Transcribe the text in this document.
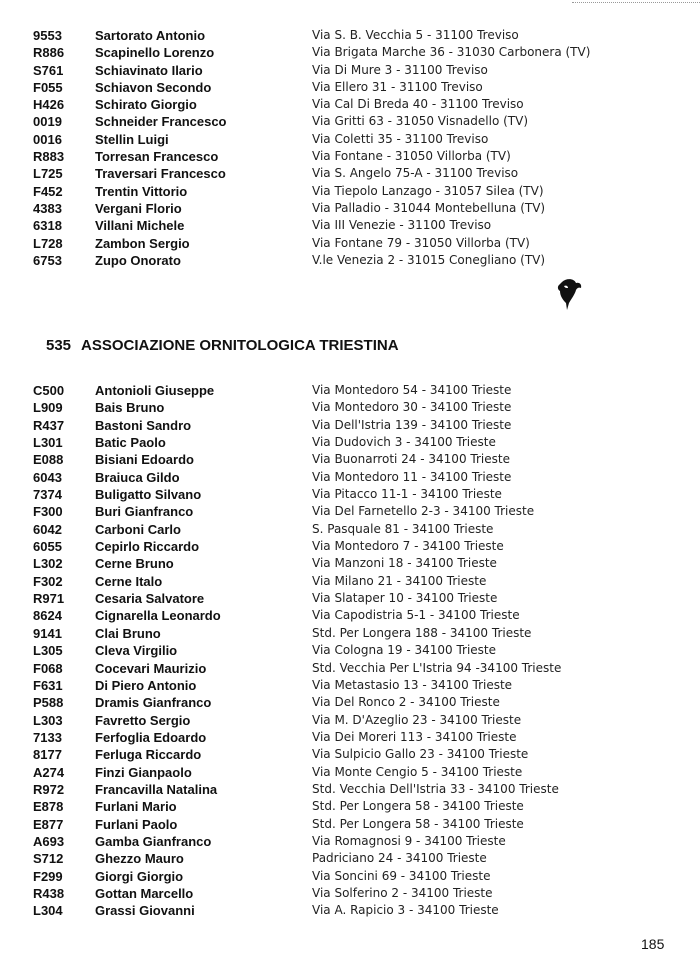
9553	Sartorato Antonio	Via S. B. Vecchia 5 - 31100 Treviso
R886 Scapinello Lorenzo	Via Brigata Marche 36 - 31030 Carbonera (TV)
S761 Schiavinato Ilario	Via Di Mure 3 - 31100 Treviso
F055 Schiavon Secondo	Via Ellero 31 - 31100 Treviso
H426 Schirato Giorgio	Via Cal Di Breda 40 - 31100 Treviso
0019	Schneider Francesco	Via Gritti 63 - 31050 Visnadello (TV)
0016	Stellin Luigi	Via Coletti 35 - 31100 Treviso
R883 Torresan Francesco	Via Fontane - 31050 Villorba (TV)
L725 Traversari Francesco	Via S. Angelo 75-A - 31100 Treviso
F452 Trentin Vittorio	Via Tiepolo Lanzago - 31057 Silea (TV)
4383	Vergani Florio	Via Palladio - 31044 Montebelluna (TV)
6318	Villani Michele	Via III Venezie - 31100 Treviso
L728 Zambon Sergio	Via Fontane 79 - 31050 Villorba (TV)
6753	Zupo Onorato	V.le Venezia 2 - 31015 Conegliano (TV)
535 ASSOCIAZIONE ORNITOLOGICA TRIESTINA
C500 Antonioli Giuseppe	Via Montedoro 54 - 34100 Trieste
L909 Bais Bruno	Via Montedoro 30 - 34100 Trieste
R437 Bastoni Sandro	Via Dell'Istria 139 - 34100 Trieste
L301 Batic Paolo	Via Dudovich 3 - 34100 Trieste
E088 Bisiani Edoardo	Via Buonarroti 24 - 34100 Trieste
6043	Braiuca Gildo	Via Montedoro 11 - 34100 Trieste
7374	Buligatto Silvano	Via Pitacco 11-1 - 34100 Trieste
F300 Buri Gianfranco	Via Del Farnetello 2-3 - 34100 Trieste
6042	Carboni Carlo	S. Pasquale 81 - 34100 Trieste
6055	Cepirlo Riccardo	Via Montedoro 7 - 34100 Trieste
L302 Cerne Bruno	Via Manzoni 18 - 34100 Trieste
F302 Cerne Italo	Via Milano 21 - 34100 Trieste
R971 Cesaria Salvatore	Via Slataper 10 - 34100 Trieste
8624	Cignarella Leonardo	Via Capodistria 5-1 - 34100 Trieste
9141	Clai Bruno	Std. Per Longera 188 - 34100 Trieste
L305 Cleva Virgilio	Via Cologna 19 - 34100 Trieste
F068 Cocevari Maurizio	Std. Vecchia Per L'Istria 94 -34100 Trieste
F631 Di Piero Antonio	Via Metastasio 13 - 34100 Trieste
P588 Dramis Gianfranco	Via Del Ronco 2 - 34100 Trieste
L303 Favretto Sergio	Via M. D'Azeglio 23 - 34100 Trieste
7133	Ferfoglia Edoardo	Via Dei Moreri 113 - 34100 Trieste
8177	Ferluga Riccardo	Via Sulpicio Gallo 23 - 34100 Trieste
A274 Finzi Gianpaolo	Via Monte Cengio 5 - 34100 Trieste
R972 Francavilla Natalina	Std. Vecchia Dell'Istria 33 - 34100 Trieste
E878 Furlani Mario	Std. Per Longera 58 - 34100 Trieste
E877 Furlani Paolo	Std. Per Longera 58 - 34100 Trieste
A693 Gamba Gianfranco	Via Romagnosi 9 - 34100 Trieste
S712 Ghezzo Mauro	Padriciano 24 - 34100 Trieste
F299 Giorgi Giorgio	Via Soncini 69 - 34100 Trieste
R438 Gottan Marcello	Via Solferino 2 - 34100 Trieste
L304 Grassi Giovanni	Via A. Rapicio 3 - 34100 Trieste
185
